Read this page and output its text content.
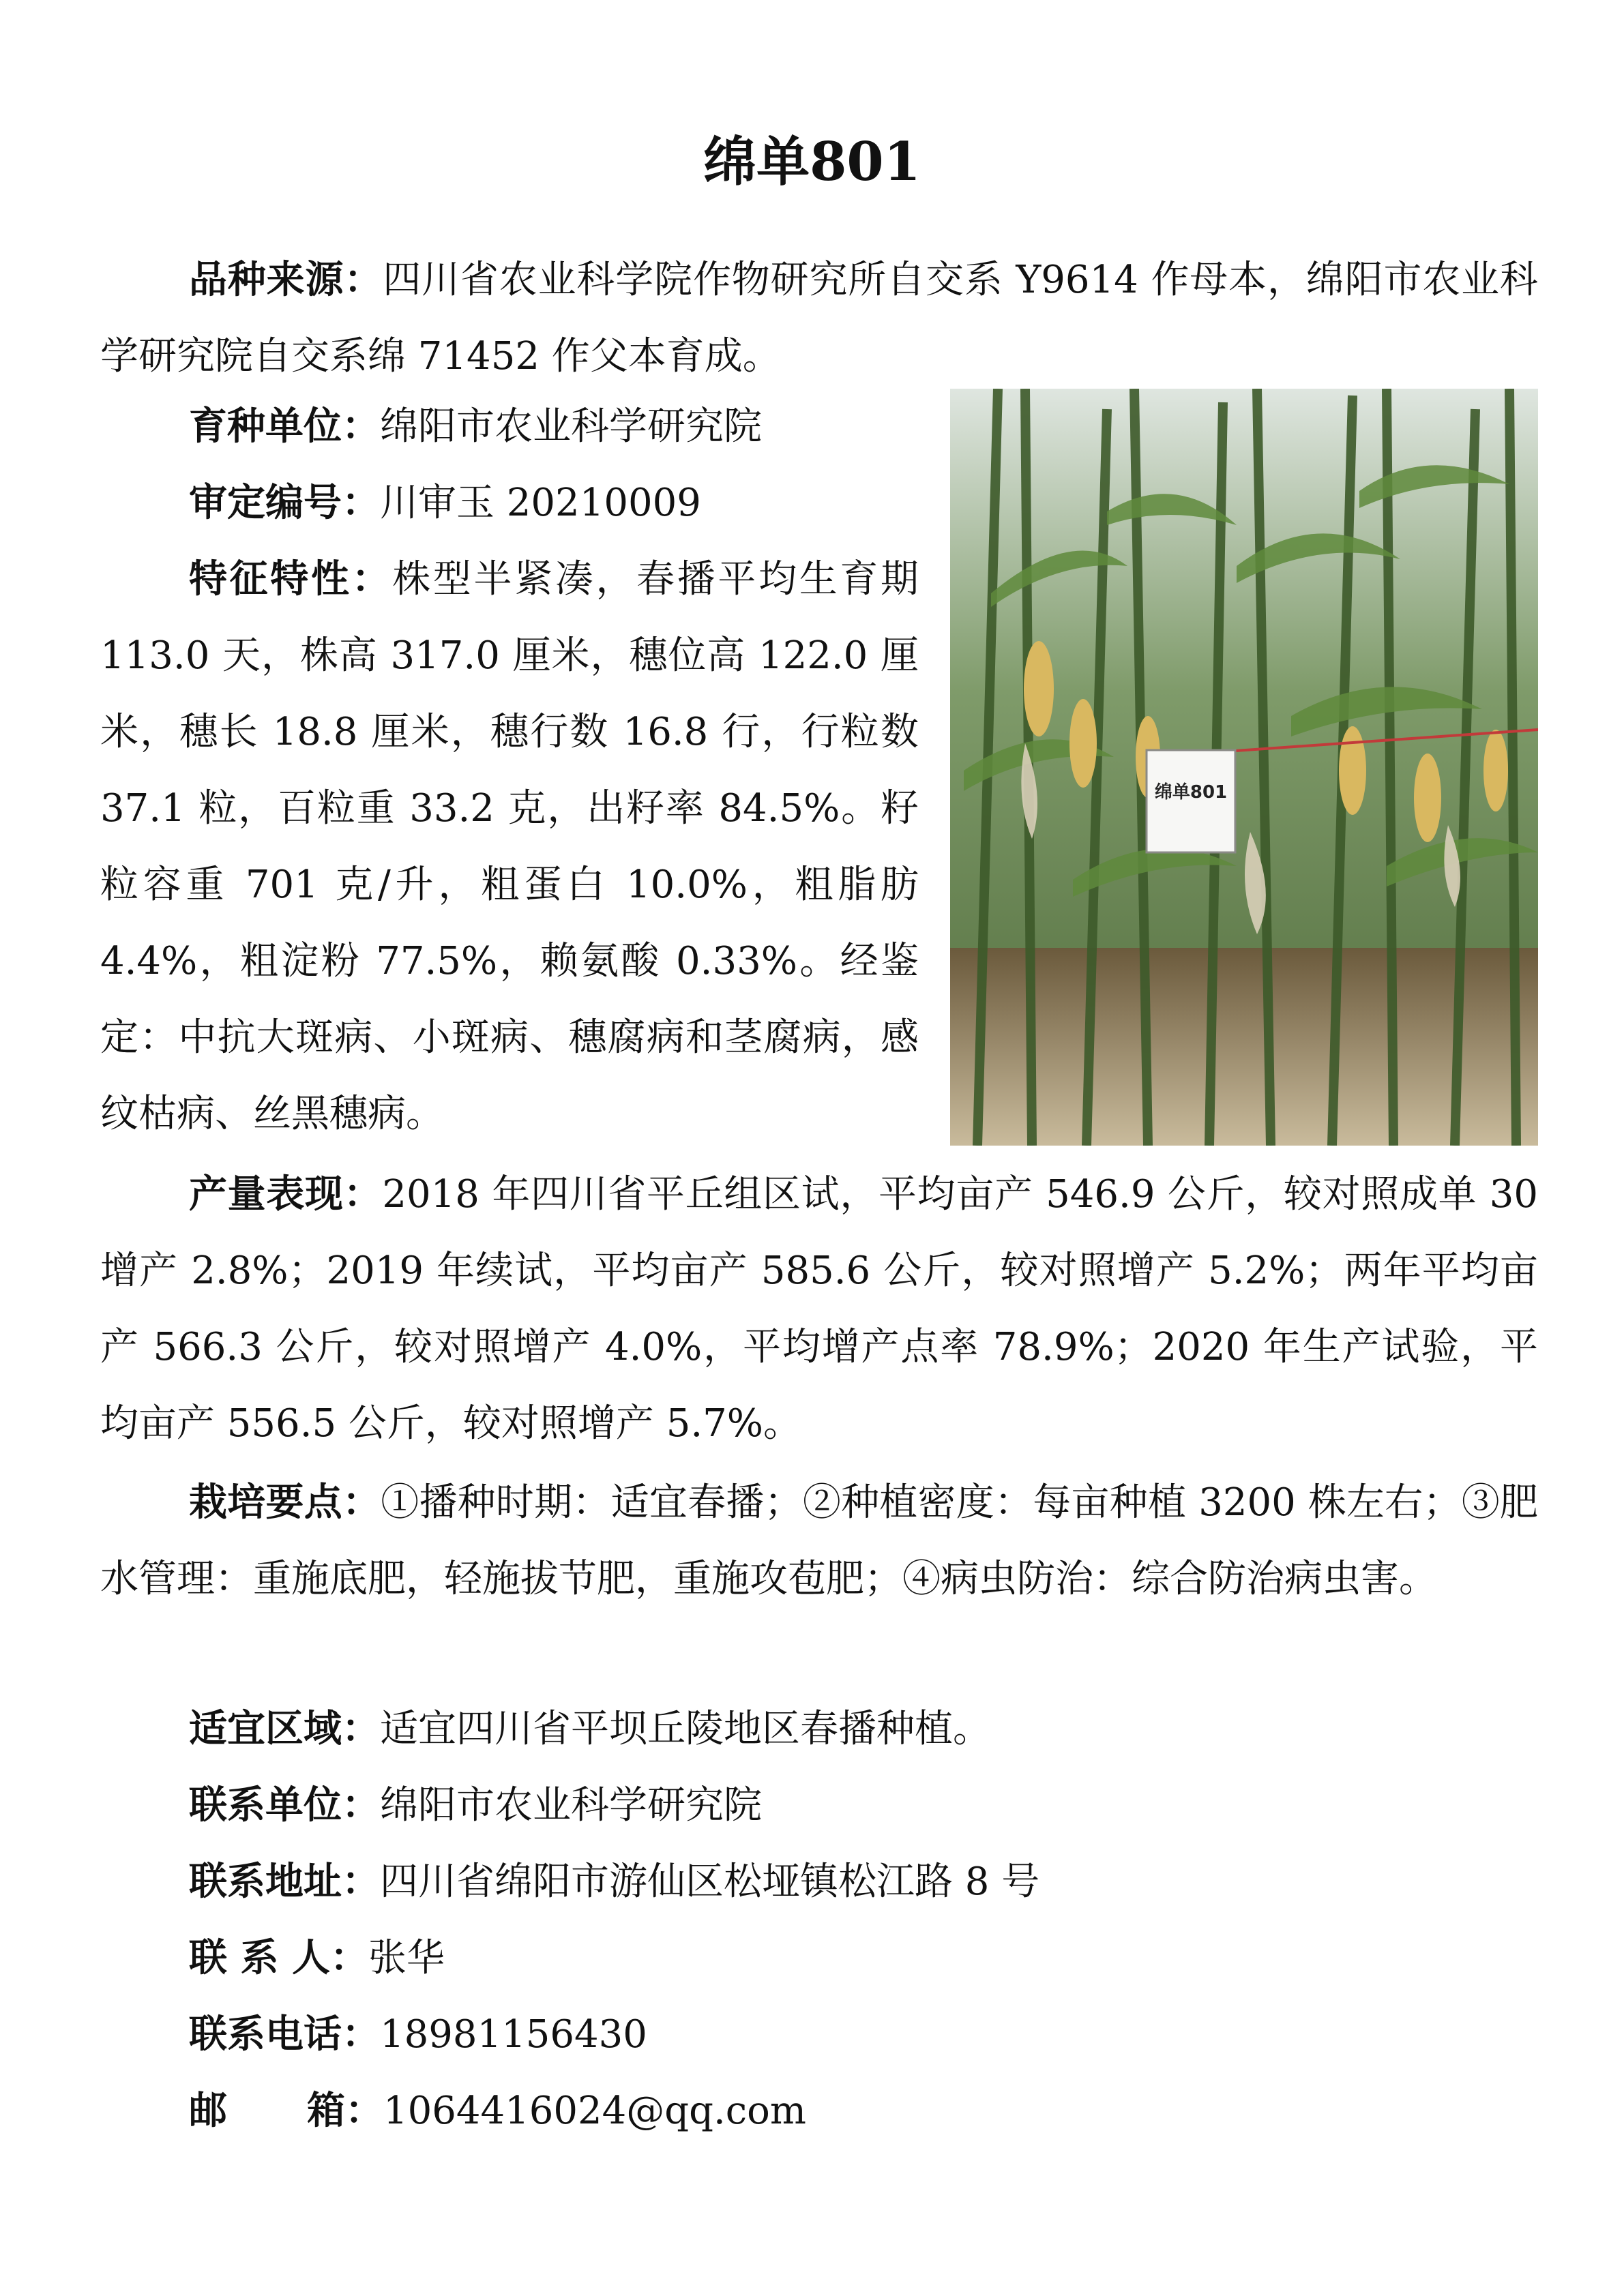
绵单801

品种来源：四川省农业科学院作物研究所自交系 Y9614 作母本，绵阳市农业科学研究院自交系绵 71452 作父本育成。

育种单位：绵阳市农业科学研究院

审定编号：川审玉 20210009

特征特性：株型半紧凑，春播平均生育期 113.0 天，株高 317.0 厘米，穗位高 122.0 厘米，穗长 18.8 厘米，穗行数 16.8 行，行粒数 37.1 粒，百粒重 33.2 克，出籽率 84.5%。籽粒容重 701 克/升，粗蛋白 10.0%，粗脂肪 4.4%，粗淀粉 77.5%，赖氨酸 0.33%。经鉴定：中抗大斑病、小斑病、穗腐病和茎腐病，感纹枯病、丝黑穗病。

绵单801

产量表现：2018 年四川省平丘组区试，平均亩产 546.9 公斤，较对照成单 30 增产 2.8%；2019 年续试，平均亩产 585.6 公斤，较对照增产 5.2%；两年平均亩产 566.3 公斤，较对照增产 4.0%，平均增产点率 78.9%；2020 年生产试验，平均亩产 556.5 公斤，较对照增产 5.7%。

栽培要点：①播种时期：适宜春播；②种植密度：每亩种植 3200 株左右；③肥水管理：重施底肥，轻施拔节肥，重施攻苞肥；④病虫防治：综合防治病虫害。

适宜区域：适宜四川省平坝丘陵地区春播种植。

联系单位：绵阳市农业科学研究院

联系地址：四川省绵阳市游仙区松垭镇松江路 8 号

联 系 人：张华

联系电话：18981156430

邮      箱：1064416024@qq.com
